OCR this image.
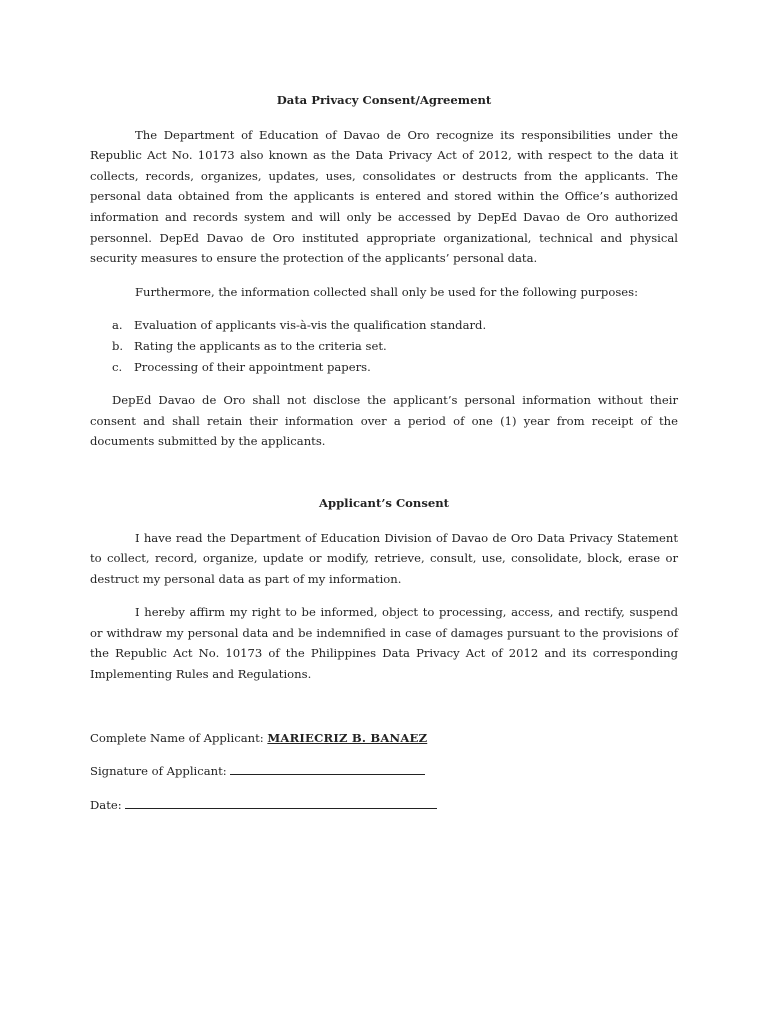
Data Privacy Consent/Agreement

The Department of Education of Davao de Oro recognize its responsibilities under the Republic Act No. 10173 also known as the Data Privacy Act of 2012, with respect to the data it collects, records, organizes, updates, uses, consolidates or destructs from the applicants. The personal data obtained from the applicants is entered and stored within the Office’s authorized information and records system and will only be accessed by DepEd Davao de Oro authorized personnel. DepEd Davao de Oro instituted appropriate organizational, technical and physical security measures to ensure the protection of the applicants’ personal data.

Furthermore, the information collected shall only be used for the following purposes:

a. Evaluation of applicants vis-à-vis the qualification standard.
b. Rating the applicants as to the criteria set.
c.	Processing of their appointment papers.

DepEd Davao de Oro shall not disclose the applicant’s personal information without their consent and shall retain their information over a period of one (1) year from receipt of the documents submitted by the applicants.

Applicant’s Consent

I have read the Department of Education Division of Davao de Oro Data Privacy Statement to collect, record, organize, update or modify, retrieve, consult, use, consolidate, block, erase or destruct my personal data as part of my information.

I hereby affirm my right to be informed, object to processing, access, and rectify, suspend or withdraw my personal data and be indemnified in case of damages pursuant to the provisions of the Republic Act No. 10173 of the Philippines Data Privacy Act of 2012 and its corresponding Implementing Rules and Regulations.

Complete Name of Applicant: MARIECRIZ B. BANAEZ
Signature of Applicant:
Date:
